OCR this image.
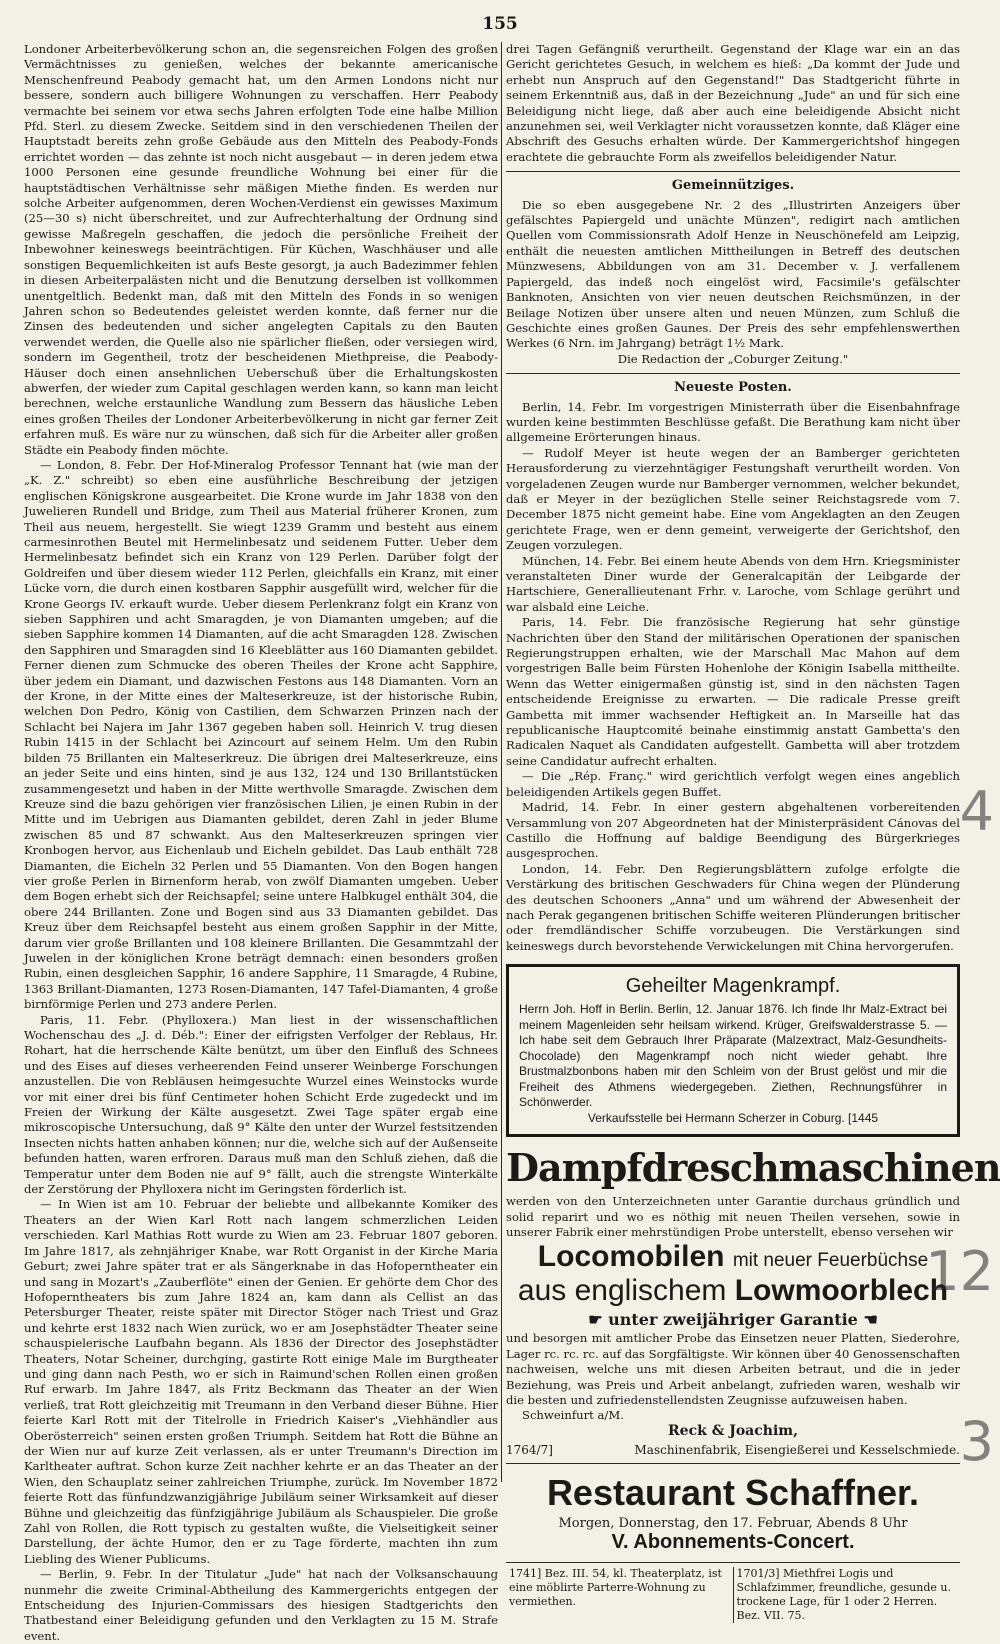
155

Londoner Arbeiterbevölkerung schon an, die segensreichen Folgen des großen Vermächtnisses zu genießen, welches der bekannte americanische Menschenfreund Peabody gemacht hat, um den Armen Londons nicht nur bessere, sondern auch billigere Wohnungen zu verschaffen. Herr Peabody vermachte bei seinem vor etwa sechs Jahren erfolgten Tode eine halbe Million Pfd. Sterl. zu diesem Zwecke. Seitdem sind in den verschiedenen Theilen der Hauptstadt bereits zehn große Gebäude aus den Mitteln des Peabody-Fonds errichtet worden — das zehnte ist noch nicht ausgebaut — in deren jedem etwa 1000 Personen eine gesunde freundliche Wohnung bei einer für die hauptstädtischen Verhältnisse sehr mäßigen Miethe finden. Es werden nur solche Arbeiter aufgenommen, deren Wochen-Verdienst ein gewisses Maximum (25—30 s) nicht überschreitet, und zur Aufrechterhaltung der Ordnung sind gewisse Maßregeln geschaffen, die jedoch die persönliche Freiheit der Inbewohner keineswegs beeinträchtigen. Für Küchen, Waschhäuser und alle sonstigen Bequemlichkeiten ist aufs Beste gesorgt, ja auch Badezimmer fehlen in diesen Arbeiterpalästen nicht und die Benutzung derselben ist vollkommen unentgeltlich. Bedenkt man, daß mit den Mitteln des Fonds in so wenigen Jahren schon so Bedeutendes geleistet werden konnte, daß ferner nur die Zinsen des bedeutenden und sicher angelegten Capitals zu den Bauten verwendet werden, die Quelle also nie spärlicher fließen, oder versiegen wird, sondern im Gegentheil, trotz der bescheidenen Miethpreise, die Peabody-Häuser doch einen ansehnlichen Ueberschuß über die Erhaltungskosten abwerfen, der wieder zum Capital geschlagen werden kann, so kann man leicht berechnen, welche erstaunliche Wandlung zum Bessern das häusliche Leben eines großen Theiles der Londoner Arbeiterbevölkerung in nicht gar ferner Zeit erfahren muß. Es wäre nur zu wünschen, daß sich für die Arbeiter aller großen Städte ein Peabody finden möchte.

— London, 8. Febr. Der Hof-Mineralog Professor Tennant hat (wie man der „K. Z." schreibt) so eben eine ausführliche Beschreibung der jetzigen englischen Königskrone ausgearbeitet. Die Krone wurde im Jahr 1838 von den Juwelieren Rundell und Bridge, zum Theil aus Material früherer Kronen, zum Theil aus neuem, hergestellt. Sie wiegt 1239 Gramm und besteht aus einem carmesinrothen Beutel mit Hermelinbesatz und seidenem Futter. Ueber dem Hermelinbesatz befindet sich ein Kranz von 129 Perlen. Darüber folgt der Goldreifen und über diesem wieder 112 Perlen, gleichfalls ein Kranz, mit einer Lücke vorn, die durch einen kostbaren Sapphir ausgefüllt wird, welcher für die Krone Georgs IV. erkauft wurde. Ueber diesem Perlenkranz folgt ein Kranz von sieben Sapphiren und acht Smaragden, je von Diamanten umgeben; auf die sieben Sapphire kommen 14 Diamanten, auf die acht Smaragden 128. Zwischen den Sapphiren und Smaragden sind 16 Kleeblätter aus 160 Diamanten gebildet. Ferner dienen zum Schmucke des oberen Theiles der Krone acht Sapphire, über jedem ein Diamant, und dazwischen Festons aus 148 Diamanten. Vorn an der Krone, in der Mitte eines der Malteserkreuze, ist der historische Rubin, welchen Don Pedro, König von Castilien, dem Schwarzen Prinzen nach der Schlacht bei Najera im Jahr 1367 gegeben haben soll. Heinrich V. trug diesen Rubin 1415 in der Schlacht bei Azincourt auf seinem Helm. Um den Rubin bilden 75 Brillanten ein Malteserkreuz. Die übrigen drei Malteserkreuze, eins an jeder Seite und eins hinten, sind je aus 132, 124 und 130 Brillantstücken zusammengesetzt und haben in der Mitte werthvolle Smaragde. Zwischen dem Kreuze sind die bazu gehörigen vier französischen Lilien, je einen Rubin in der Mitte und im Uebrigen aus Diamanten gebildet, deren Zahl in jeder Blume zwischen 85 und 87 schwankt. Aus den Malteserkreuzen springen vier Kronbogen hervor, aus Eichenlaub und Eicheln gebildet. Das Laub enthält 728 Diamanten, die Eicheln 32 Perlen und 55 Diamanten. Von den Bogen hangen vier große Perlen in Birnenform herab, von zwölf Diamanten umgeben. Ueber dem Bogen erhebt sich der Reichsapfel; seine untere Halbkugel enthält 304, die obere 244 Brillanten. Zone und Bogen sind aus 33 Diamanten gebildet. Das Kreuz über dem Reichsapfel besteht aus einem großen Sapphir in der Mitte, darum vier große Brillanten und 108 kleinere Brillanten. Die Gesammtzahl der Juwelen in der königlichen Krone beträgt demnach: einen besonders großen Rubin, einen desgleichen Sapphir, 16 andere Sapphire, 11 Smaragde, 4 Rubine, 1363 Brillant-Diamanten, 1273 Rosen-Diamanten, 147 Tafel-Diamanten, 4 große birnförmige Perlen und 273 andere Perlen.

Paris, 11. Febr. (Phylloxera.) Man liest in der wissenschaftlichen Wochenschau des „J. d. Déb.": Einer der eifrigsten Verfolger der Reblaus, Hr. Rohart, hat die herrschende Kälte benützt, um über den Einfluß des Schnees und des Eises auf dieses verheerenden Feind unserer Weinberge Forschungen anzustellen. Die von Rebläusen heimgesuchte Wurzel eines Weinstocks wurde vor mit einer drei bis fünf Centimeter hohen Schicht Erde zugedeckt und im Freien der Wirkung der Kälte ausgesetzt. Zwei Tage später ergab eine mikroscopische Untersuchung, daß 9° Kälte den unter der Wurzel festsitzenden Insecten nichts hatten anhaben können; nur die, welche sich auf der Außenseite befunden hatten, waren erfroren. Daraus muß man den Schluß ziehen, daß die Temperatur unter dem Boden nie auf 9° fällt, auch die strengste Winterkälte der Zerstörung der Phylloxera nicht im Geringsten förderlich ist.

— In Wien ist am 10. Februar der beliebte und allbekannte Komiker des Theaters an der Wien Karl Rott nach langem schmerzlichen Leiden verschieden. Karl Mathias Rott wurde zu Wien am 23. Februar 1807 geboren. Im Jahre 1817, als zehnjähriger Knabe, war Rott Organist in der Kirche Maria Geburt; zwei Jahre später trat er als Sängerknabe in das Hofoperntheater ein und sang in Mozart's „Zauberflöte" einen der Genien. Er gehörte dem Chor des Hofoperntheaters bis zum Jahre 1824 an, kam dann als Cellist an das Petersburger Theater, reiste später mit Director Stöger nach Triest und Graz und kehrte erst 1832 nach Wien zurück, wo er am Josephstädter Theater seine schauspielerische Laufbahn begann. Als 1836 der Director des Josephstädter Theaters, Notar Scheiner, durchging, gastirte Rott einige Male im Burgtheater und ging dann nach Pesth, wo er sich in Raimund'schen Rollen einen großen Ruf erwarb. Im Jahre 1847, als Fritz Beckmann das Theater an der Wien verließ, trat Rott gleichzeitig mit Treumann in den Verband dieser Bühne. Hier feierte Karl Rott mit der Titelrolle in Friedrich Kaiser's „Viehhändler aus Oberösterreich" seinen ersten großen Triumph. Seitdem hat Rott die Bühne an der Wien nur auf kurze Zeit verlassen, als er unter Treumann's Direction im Karltheater auftrat. Schon kurze Zeit nachher kehrte er an das Theater an der Wien, den Schauplatz seiner zahlreichen Triumphe, zurück. Im November 1872 feierte Rott das fünfundzwanzigjährige Jubiläum seiner Wirksamkeit auf dieser Bühne und gleichzeitig das fünfzigjährige Jubiläum als Schauspieler. Die große Zahl von Rollen, die Rott typisch zu gestalten wußte, die Vielseitigkeit seiner Darstellung, der ächte Humor, den er zu Tage förderte, machten ihn zum Liebling des Wiener Publicums.

— Berlin, 9. Febr. In der Titulatur „Jude" hat nach der Volksanschauung nunmehr die zweite Criminal-Abtheilung des Kammergerichts entgegen der Entscheidung des Injurien-Commissars des hiesigen Stadtgerichts den Thatbestand einer Beleidigung gefunden und den Verklagten zu 15 M. Strafe event.

drei Tagen Gefängniß verurtheilt. Gegenstand der Klage war ein an das Gericht gerichtetes Gesuch, in welchem es hieß: „Da kommt der Jude und erhebt nun Anspruch auf den Gegenstand!" Das Stadtgericht führte in seinem Erkenntniß aus, daß in der Bezeichnung „Jude" an und für sich eine Beleidigung nicht liege, daß aber auch eine beleidigende Absicht nicht anzunehmen sei, weil Verklagter nicht voraussetzen konnte, daß Kläger eine Abschrift des Gesuchs erhalten würde. Der Kammergerichtshof hingegen erachtete die gebrauchte Form als zweifellos beleidigender Natur.

Gemeinnütziges.

Die so eben ausgegebene Nr. 2 des „Illustrirten Anzeigers über gefälschtes Papiergeld und unächte Münzen", redigirt nach amtlichen Quellen vom Commissionsrath Adolf Henze in Neuschönefeld am Leipzig, enthält die neuesten amtlichen Mittheilungen in Betreff des deutschen Münzwesens, Abbildungen von am 31. December v. J. verfallenem Papiergeld, das indeß noch eingelöst wird, Facsimile's gefälschter Banknoten, Ansichten von vier neuen deutschen Reichsmünzen, in der Beilage Notizen über unsere alten und neuen Münzen, zum Schluß die Geschichte eines großen Gaunes. Der Preis des sehr empfehlenswerthen Werkes (6 Nrn. im Jahrgang) beträgt 1½ Mark.

Die Redaction der „Coburger Zeitung."

Neueste Posten.

Berlin, 14. Febr. Im vorgestrigen Ministerrath über die Eisenbahnfrage wurden keine bestimmten Beschlüsse gefaßt. Die Berathung kam nicht über allgemeine Erörterungen hinaus.

— Rudolf Meyer ist heute wegen der an Bamberger gerichteten Herausforderung zu vierzehntägiger Festungshaft verurtheilt worden. Von vorgeladenen Zeugen wurde nur Bamberger vernommen, welcher bekundet, daß er Meyer in der bezüglichen Stelle seiner Reichstagsrede vom 7. December 1875 nicht gemeint habe. Eine vom Angeklagten an den Zeugen gerichtete Frage, wen er denn gemeint, verweigerte der Gerichtshof, den Zeugen vorzulegen.

München, 14. Febr. Bei einem heute Abends von dem Hrn. Kriegsminister veranstalteten Diner wurde der Generalcapitän der Leibgarde der Hartschiere, Generallieutenant Frhr. v. Laroche, vom Schlage gerührt und war alsbald eine Leiche.

Paris, 14. Febr. Die französische Regierung hat sehr günstige Nachrichten über den Stand der militärischen Operationen der spanischen Regierungstruppen erhalten, wie der Marschall Mac Mahon auf dem vorgestrigen Balle beim Fürsten Hohenlohe der Königin Isabella mittheilte. Wenn das Wetter einigermaßen günstig ist, sind in den nächsten Tagen entscheidende Ereignisse zu erwarten. — Die radicale Presse greift Gambetta mit immer wachsender Heftigkeit an. In Marseille hat das republicanische Hauptcomité beinahe einstimmig anstatt Gambetta's den Radicalen Naquet als Candidaten aufgestellt. Gambetta will aber trotzdem seine Candidatur aufrecht erhalten.

— Die „Rép. Franç." wird gerichtlich verfolgt wegen eines angeblich beleidigenden Artikels gegen Buffet.

Madrid, 14. Febr. In einer gestern abgehaltenen vorbereitenden Versammlung von 207 Abgeordneten hat der Ministerpräsident Cánovas del Castillo die Hoffnung auf baldige Beendigung des Bürgerkrieges ausgesprochen.

London, 14. Febr. Den Regierungsblättern zufolge erfolgte die Verstärkung des britischen Geschwaders für China wegen der Plünderung des deutschen Schooners „Anna" und um während der Abwesenheit der nach Perak gegangenen britischen Schiffe weiteren Plünderungen britischer oder fremdländischer Schiffe vorzubeugen. Die Verstärkungen sind keineswegs durch bevorstehende Verwickelungen mit China hervorgerufen.

Geheilter Magenkrampf.

Herrn Joh. Hoff in Berlin. Berlin, 12. Januar 1876. Ich finde Ihr Malz-Extract bei meinem Magenleiden sehr heilsam wirkend. Krüger, Greifswalderstrasse 5. — Ich habe seit dem Gebrauch Ihrer Präparate (Malzextract, Malz-Gesundheits-Chocolade) den Magenkrampf noch nicht wieder gehabt. Ihre Brustmalzbonbons haben mir den Schleim von der Brust gelöst und mir die Freiheit des Athmens wiedergegeben. Ziethen, Rechnungsführer in Schönwerder.

Verkaufsstelle bei Hermann Scherzer in Coburg. [1445

Dampfdreschmaschinen

werden von den Unterzeichneten unter Garantie durchaus gründlich und solid reparirt und wo es nöthig mit neuen Theilen versehen, sowie in unserer Fabrik einer mehrstündigen Probe unterstellt, ebenso versehen wir

Locomobilen mit neuer Feuerbüchse
aus englischem Lowmoorblech
☛ unter zweijähriger Garantie ☚

und besorgen mit amtlicher Probe das Einsetzen neuer Platten, Siederohre, Lager rc. rc. rc. auf das Sorgfältigste. Wir können über 40 Genossenschaften nachweisen, welche uns mit diesen Arbeiten betraut, und die in jeder Beziehung, was Preis und Arbeit anbelangt, zufrieden waren, weshalb wir die besten und zufriedenstellendsten Zeugnisse aufzuweisen haben.

Schweinfurt a/M.

Reck & Joachim,

1764/7]	Maschinenfabrik, Eisengießerei und Kesselschmiede.
Restaurant Schaffner.
Morgen, Donnerstag, den 17. Februar, Abends 8 Uhr
V. Abonnements-Concert.
1741] Bez. III. 54, kl. Theaterplatz, ist eine möblirte Parterre-Wohnung zu vermiethen.
1701/3] Miethfrei Logis und Schlafzimmer, freundliche, gesunde u. trockene Lage, für 1 oder 2 Herren. Bez. VII. 75.
4
12
3
